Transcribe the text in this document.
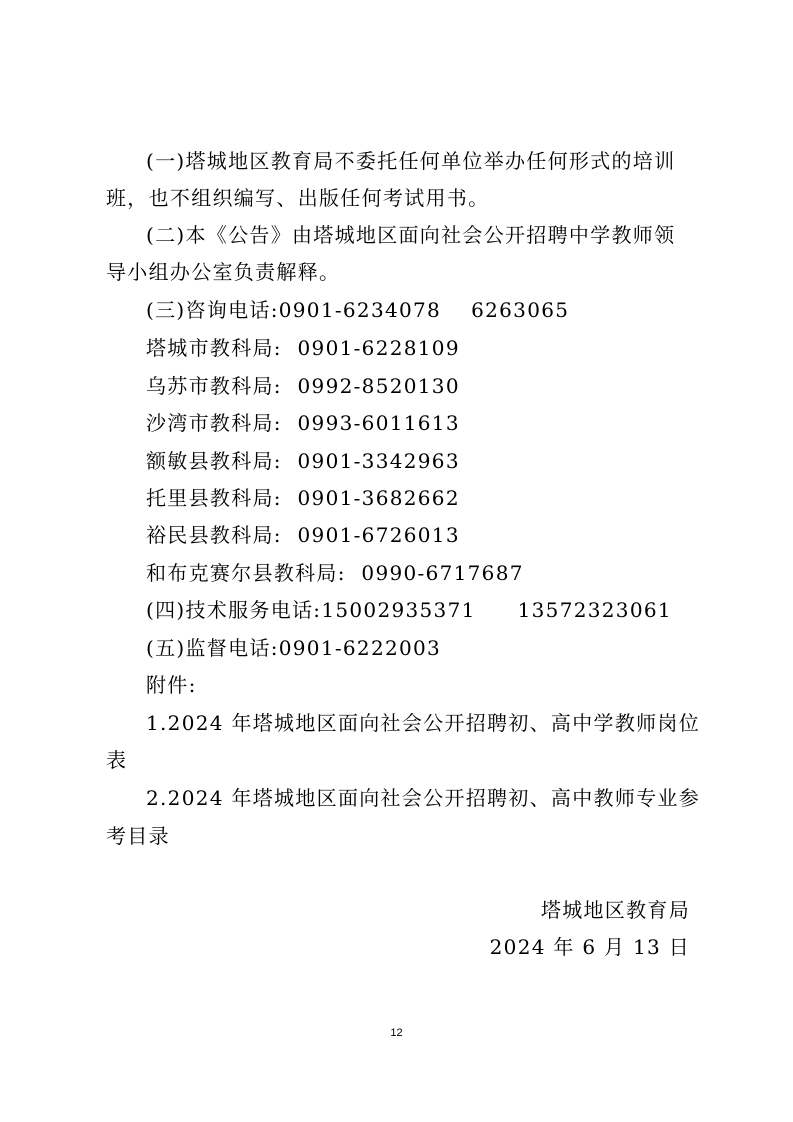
(一)塔城地区教育局不委托任何单位举办任何形式的培训
班，也不组织编写、出版任何考试用书。
(二)本《公告》由塔城地区面向社会公开招聘中学教师领
导小组办公室负责解释。
(三)咨询电话:0901-6234078 6263065
塔城市教科局: 0901-6228109
乌苏市教科局: 0992-8520130
沙湾市教科局: 0993-6011613
额敏县教科局: 0901-3342963
托里县教科局: 0901-3682662
裕民县教科局: 0901-6726013
和布克赛尔县教科局: 0990-6717687
(四)技术服务电话:15002935371 13572323061
(五)监督电话:0901-6222003
附件:
1.2024 年塔城地区面向社会公开招聘初、高中学教师岗位
表
2.2024 年塔城地区面向社会公开招聘初、高中教师专业参
考目录
塔城地区教育局
2024 年 6 月 13 日
12
